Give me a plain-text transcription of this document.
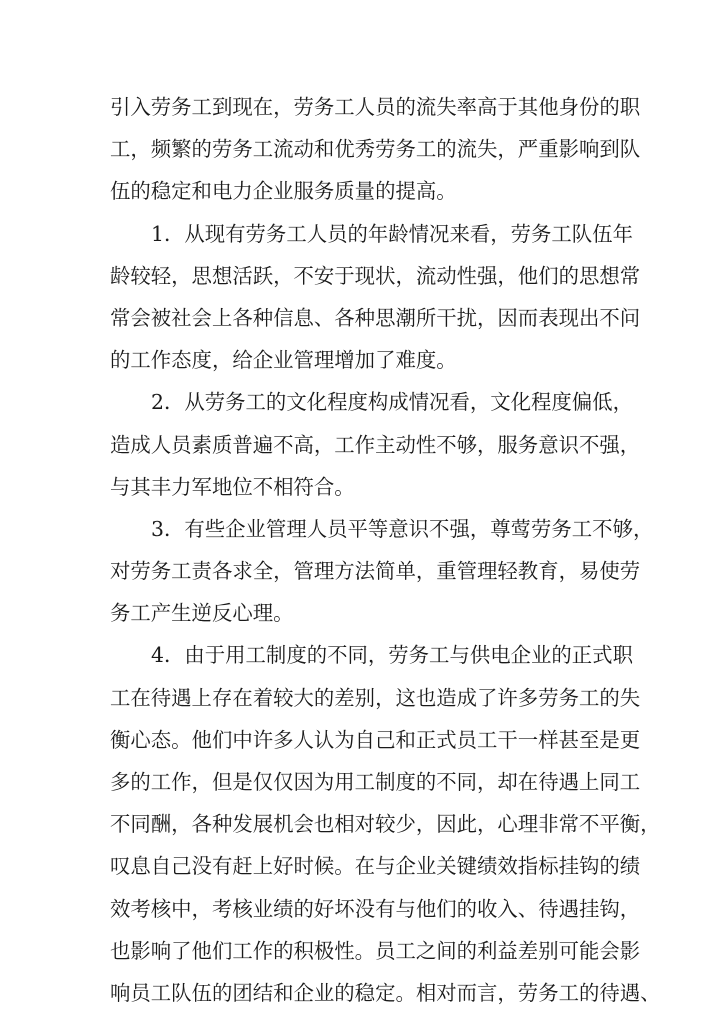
引入劳务工到现在，劳务工人员的流失率高于其他身份的职
工，频繁的劳务工流动和优秀劳务工的流失，严重影响到队
伍的稳定和电力企业服务质量的提高。
1．从现有劳务工人员的年龄情况来看，劳务工队伍年
龄较轻，思想活跃，不安于现状，流动性强，他们的思想常
常会被社会上各种信息、各种思潮所干扰，因而表现出不问
的工作态度，给企业管理增加了难度。
2．从劳务工的文化程度构成情况看，文化程度偏低，
造成人员素质普遍不高，工作主动性不够，服务意识不强，
与其丰力军地位不相符合。
3．有些企业管理人员平等意识不强，尊莺劳务工不够，
对劳务工责各求全，管理方法简单，重管理轻教育，易使劳
务工产生逆反心理。
4．由于用工制度的不同，劳务工与供电企业的正式职
工在待遇上存在着较大的差别，这也造成了许多劳务工的失
衡心态。他们中许多人认为自己和正式员工干一样甚至是更
多的工作，但是仅仅因为用工制度的不同，却在待遇上同工
不同酬，各种发展机会也相对较少，因此，心理非常不平衡，
叹息自己没有赶上好时候。在与企业关键绩效指标挂钩的绩
效考核中，考核业绩的好坏没有与他们的收入、待遇挂钩，
也影响了他们工作的积极性。员工之间的利益差别可能会影
响员工队伍的团结和企业的稳定。相对而言，劳务工的待遇、
